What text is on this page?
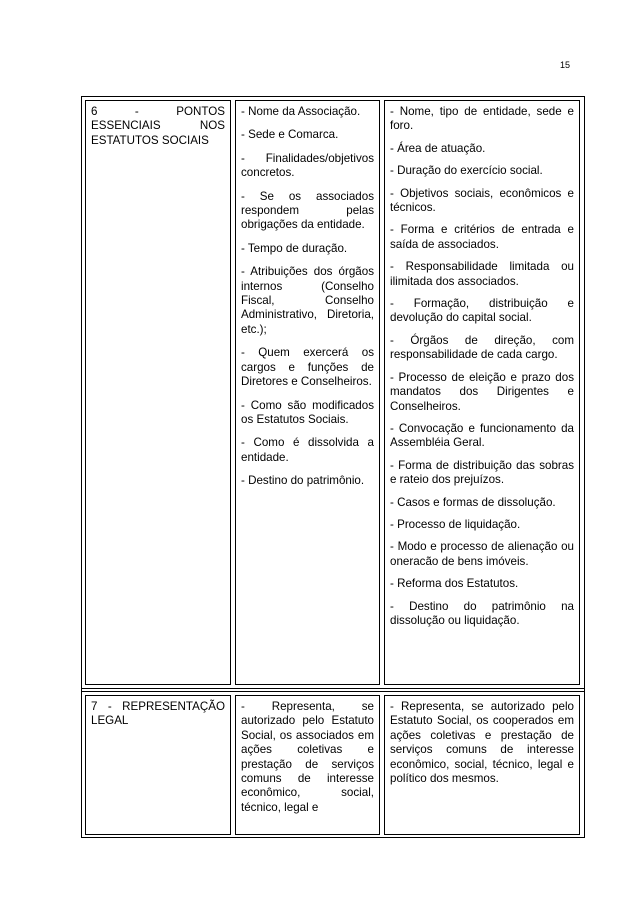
15

6 - PONTOS ESSENCIAIS NOS ESTATUTOS SOCIAIS

- Nome da Associação.

- Sede e Comarca.

- Finalidades/objetivos concretos.

- Se os associados respondem pelas obrigações da entidade.

- Tempo de duração.

- Atribuições dos órgãos internos (Conselho Fiscal, Conselho Administrativo, Diretoria, etc.);

- Quem exercerá os cargos e funções de Diretores e Conselheiros.

- Como são modificados os Estatutos Sociais.

- Como é dissolvida a entidade.

- Destino do patrimônio.

- Nome, tipo de entidade, sede e foro.

- Área de atuação.

- Duração do exercício social.

- Objetivos sociais, econômicos e técnicos.

- Forma e critérios de entrada e saída de associados.

- Responsabilidade limitada ou ilimitada dos associados.

- Formação, distribuição e devolução do capital social.

- Órgãos de direção, com responsabilidade de cada cargo.

- Processo de eleição e prazo dos mandatos dos Dirigentes e Conselheiros.

- Convocação e funcionamento da Assembléia Geral.

- Forma de distribuição das sobras e rateio dos prejuízos.

- Casos e formas de dissolução.

- Processo de liquidação.

- Modo e processo de alienação ou oneracão de bens imóveis.

- Reforma dos Estatutos.

- Destino do patrimônio na dissolução ou liquidação.

7 - REPRESENTAÇÃO LEGAL

- Representa, se autorizado pelo Estatuto Social, os associados em ações coletivas e prestação de serviços comuns de interesse econômico, social, técnico, legal e

- Representa, se autorizado pelo Estatuto Social, os cooperados em ações coletivas e prestação de serviços comuns de interesse econômico, social, técnico, legal e político dos mesmos.
